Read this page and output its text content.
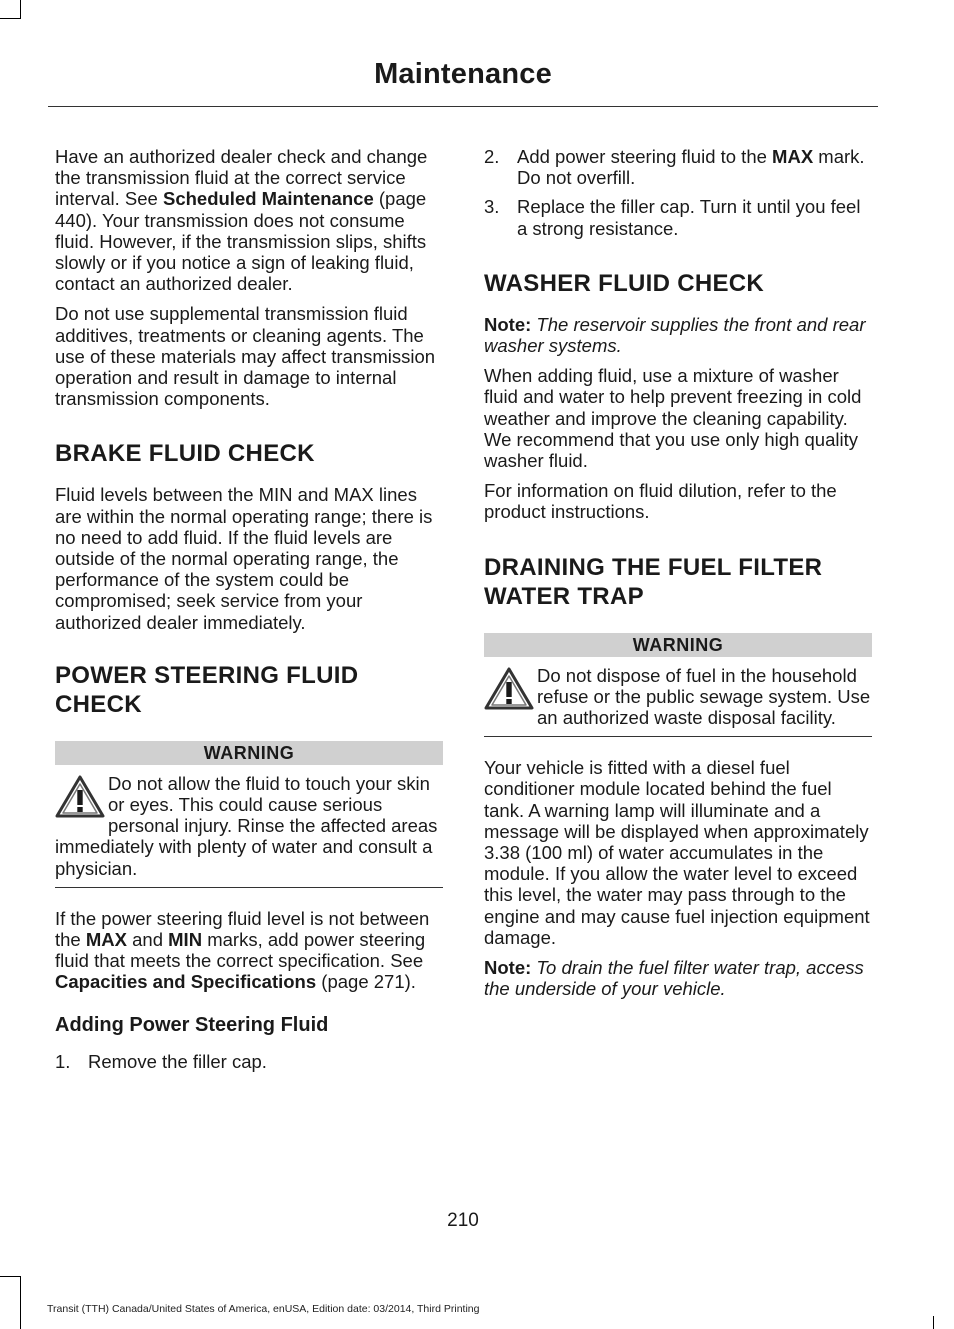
Maintenance

Have an authorized dealer check and change the transmission fluid at the correct service interval. See Scheduled Maintenance (page 440). Your transmission does not consume fluid. However, if the transmission slips, shifts slowly or if you notice a sign of leaking fluid, contact an authorized dealer.

Do not use supplemental transmission fluid additives, treatments or cleaning agents. The use of these materials may affect transmission operation and result in damage to internal transmission components.

BRAKE FLUID CHECK

Fluid levels between the MIN and MAX lines are within the normal operating range; there is no need to add fluid. If the fluid levels are outside of the normal operating range, the performance of the system could be compromised; seek service from your authorized dealer immediately.

POWER STEERING FLUID CHECK
WARNING
Do not allow the fluid to touch your skin or eyes. This could cause serious personal injury. Rinse the affected areas immediately with plenty of water and consult a physician.

If the power steering fluid level is not between the MAX and MIN marks, add power steering fluid that meets the correct specification. See Capacities and Specifications (page 271).

Adding Power Steering Fluid
1. Remove the filler cap.
2. Add power steering fluid to the MAX mark. Do not overfill.
3. Replace the filler cap. Turn it until you feel a strong resistance.
WASHER FLUID CHECK

Note: The reservoir supplies the front and rear washer systems.

When adding fluid, use a mixture of washer fluid and water to help prevent freezing in cold weather and improve the cleaning capability. We recommend that you use only high quality washer fluid.

For information on fluid dilution, refer to the product instructions.

DRAINING THE FUEL FILTER WATER TRAP
WARNING
Do not dispose of fuel in the household refuse or the public sewage system. Use an authorized waste disposal facility.

Your vehicle is fitted with a diesel fuel conditioner module located behind the fuel tank. A warning lamp will illuminate and a message will be displayed when approximately 3.38 (100 ml) of water accumulates in the module. If you allow the water level to exceed this level, the water may pass through to the engine and may cause fuel injection equipment damage.

Note: To drain the fuel filter water trap, access the underside of your vehicle.

210
Transit (TTH) Canada/United States of America, enUSA, Edition date: 03/2014, Third Printing
